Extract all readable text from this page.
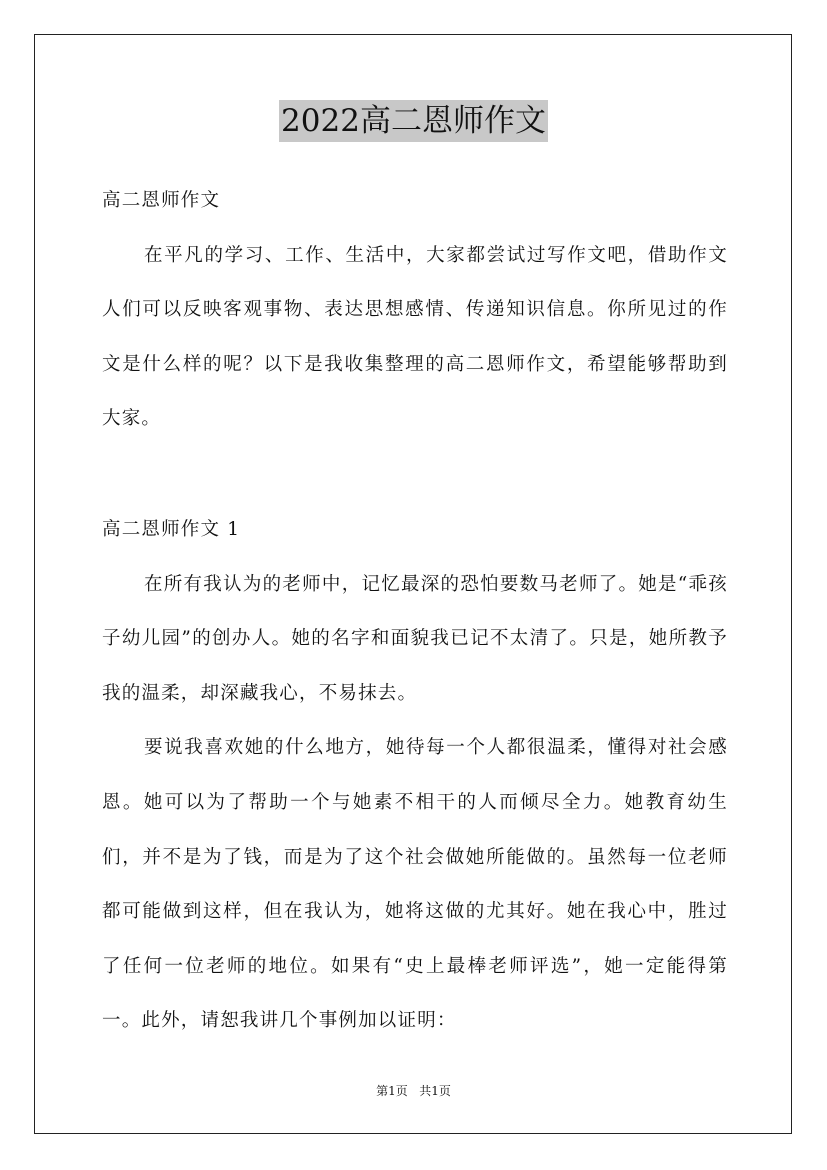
2022高二恩师作文

高二恩师作文

在平凡的学习、工作、生活中，大家都尝试过写作文吧，借助作文人们可以反映客观事物、表达思想感情、传递知识信息。你所见过的作文是什么样的呢？以下是我收集整理的高二恩师作文，希望能够帮助到大家。

高二恩师作文 1

在所有我认为的老师中，记忆最深的恐怕要数马老师了。她是“乖孩子幼儿园”的创办人。她的名字和面貌我已记不太清了。只是，她所教予我的温柔，却深藏我心，不易抹去。

要说我喜欢她的什么地方，她待每一个人都很温柔，懂得对社会感恩。她可以为了帮助一个与她素不相干的人而倾尽全力。她教育幼生们，并不是为了钱，而是为了这个社会做她所能做的。虽然每一位老师都可能做到这样，但在我认为，她将这做的尤其好。她在我心中，胜过了任何一位老师的地位。如果有“史上最棒老师评选”，她一定能得第一。此外，请恕我讲几个事例加以证明：

第1页 共1页
